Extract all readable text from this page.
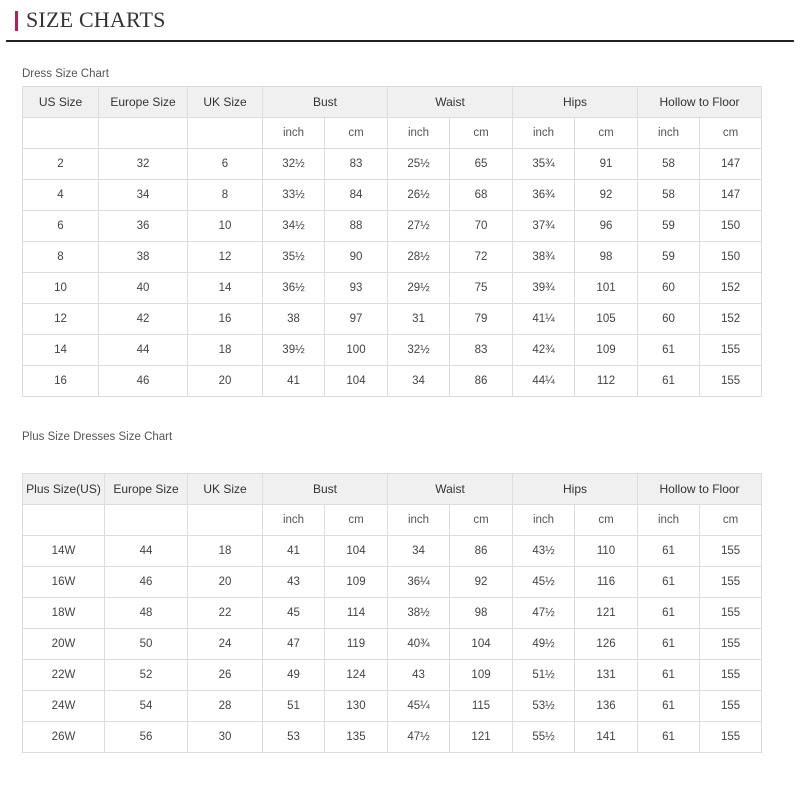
SIZE CHARTS
Dress Size Chart
US Size	Europe Size	UK Size	Bust		Waist		Hips		Hollow to Floor	
			inch	cm	inch	cm	inch	cm	inch	cm
2	32	6	32½	83	25½	65	35¾	91	58	147
4	34	8	33½	84	26½	68	36¾	92	58	147
6	36	10	34½	88	27½	70	37¾	96	59	150
8	38	12	35½	90	28½	72	38¾	98	59	150
10	40	14	36½	93	29½	75	39¾	101	60	152
12	42	16	38	97	31	79	41¼	105	60	152
14	44	18	39½	100	32½	83	42¾	109	61	155
16	46	20	41	104	34	86	44¼	112	61	155
Plus Size Dresses Size Chart
Plus Size(US)	Europe Size	UK Size	Bust		Waist		Hips		Hollow to Floor	
			inch	cm	inch	cm	inch	cm	inch	cm
14W	44	18	41	104	34	86	43½	110	61	155
16W	46	20	43	109	36¼	92	45½	116	61	155
18W	48	22	45	114	38½	98	47½	121	61	155
20W	50	24	47	119	40¾	104	49½	126	61	155
22W	52	26	49	124	43	109	51½	131	61	155
24W	54	28	51	130	45¼	115	53½	136	61	155
26W	56	30	53	135	47½	121	55½	141	61	155
